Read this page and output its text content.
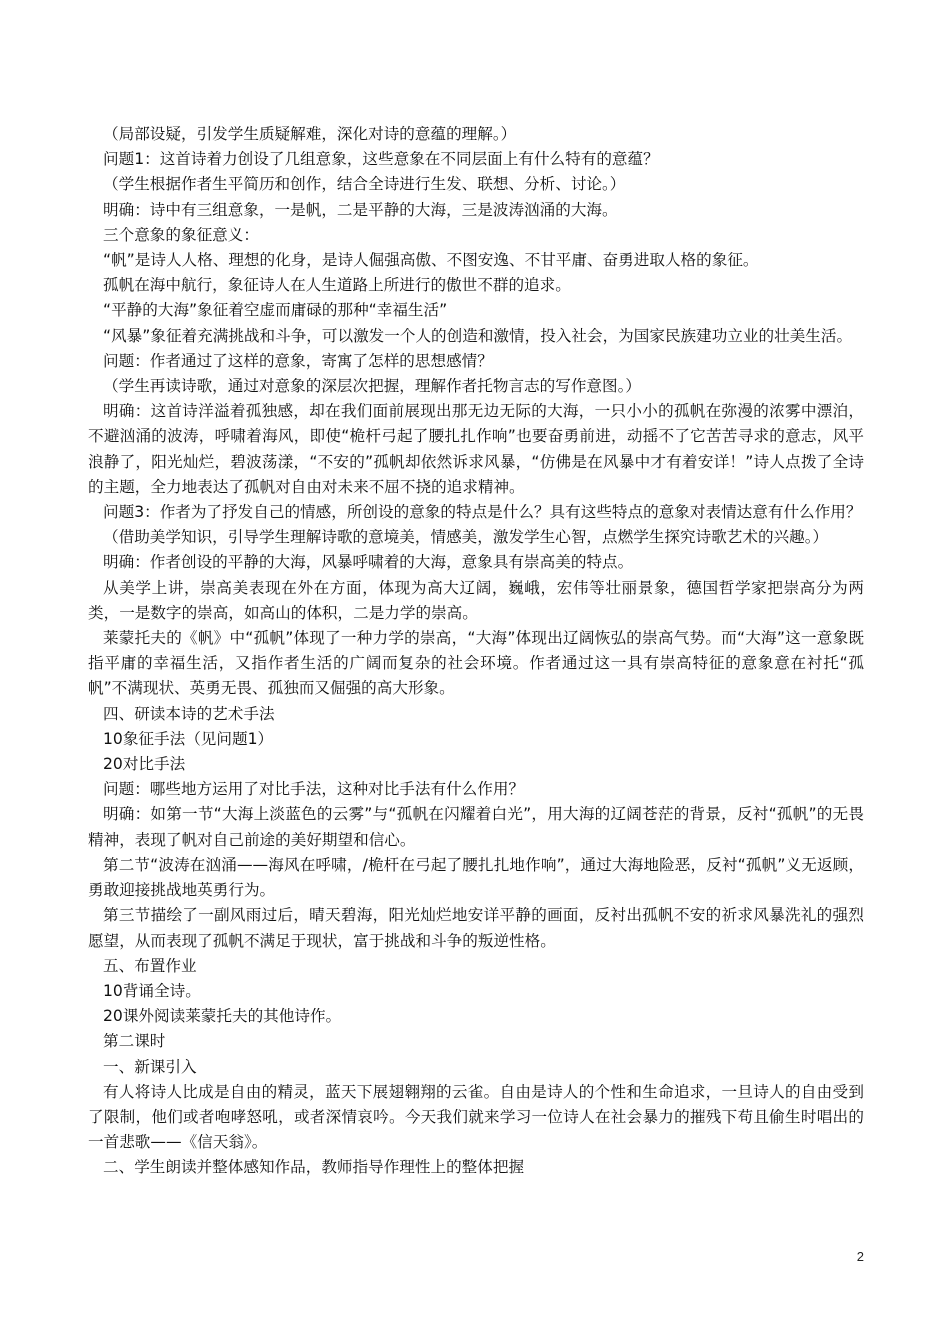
（局部设疑，引发学生质疑解难，深化对诗的意蕴的理解。）

问题1：这首诗着力创设了几组意象，这些意象在不同层面上有什么特有的意蕴？

（学生根据作者生平简历和创作，结合全诗进行生发、联想、分析、讨论。）

明确：诗中有三组意象，一是帆，二是平静的大海，三是波涛汹涌的大海。

三个意象的象征意义：

“帆”是诗人人格、理想的化身，是诗人倔强高傲、不图安逸、不甘平庸、奋勇进取人格的象征。

孤帆在海中航行，象征诗人在人生道路上所进行的傲世不群的追求。

“平静的大海”象征着空虚而庸碌的那种“幸福生活”

“风暴”象征着充满挑战和斗争，可以激发一个人的创造和激情，投入社会，为国家民族建功立业的壮美生活。

问题：作者通过了这样的意象，寄寓了怎样的思想感情？

（学生再读诗歌，通过对意象的深层次把握，理解作者托物言志的写作意图。）

明确：这首诗洋溢着孤独感，却在我们面前展现出那无边无际的大海，一只小小的孤帆在弥漫的浓雾中漂泊，不避汹涌的波涛，呼啸着海风，即使“桅杆弓起了腰扎扎作响”也要奋勇前进，动摇不了它苦苦寻求的意志，风平浪静了，阳光灿烂，碧波荡漾，“不安的”孤帆却依然诉求风暴，“仿佛是在风暴中才有着安详！”诗人点拨了全诗的主题，全力地表达了孤帆对自由对未来不屈不挠的追求精神。

问题3：作者为了抒发自己的情感，所创设的意象的特点是什么？具有这些特点的意象对表情达意有什么作用？

（借助美学知识，引导学生理解诗歌的意境美，情感美，激发学生心智，点燃学生探究诗歌艺术的兴趣。）

明确：作者创设的平静的大海，风暴呼啸着的大海，意象具有崇高美的特点。

从美学上讲，崇高美表现在外在方面，体现为高大辽阔，巍峨，宏伟等壮丽景象，德国哲学家把崇高分为两类，一是数字的崇高，如高山的体积，二是力学的崇高。

莱蒙托夫的《帆》中“孤帆”体现了一种力学的崇高，“大海”体现出辽阔恢弘的崇高气势。而“大海”这一意象既指平庸的幸福生活，又指作者生活的广阔而复杂的社会环境。作者通过这一具有崇高特征的意象意在衬托“孤帆”不满现状、英勇无畏、孤独而又倔强的高大形象。

四、研读本诗的艺术手法

10象征手法（见问题1）

20对比手法

问题：哪些地方运用了对比手法，这种对比手法有什么作用？

明确：如第一节“大海上淡蓝色的云雾”与“孤帆在闪耀着白光”，用大海的辽阔苍茫的背景，反衬“孤帆”的无畏精神，表现了帆对自己前途的美好期望和信心。

第二节“波涛在汹涌——海风在呼啸，/桅杆在弓起了腰扎扎地作响”，通过大海地险恶，反衬“孤帆”义无返顾，勇敢迎接挑战地英勇行为。

第三节描绘了一副风雨过后，晴天碧海，阳光灿烂地安详平静的画面，反衬出孤帆不安的祈求风暴洗礼的强烈愿望，从而表现了孤帆不满足于现状，富于挑战和斗争的叛逆性格。

五、布置作业

10背诵全诗。

20课外阅读莱蒙托夫的其他诗作。

第二课时

一、新课引入

有人将诗人比成是自由的精灵，蓝天下展翅翱翔的云雀。自由是诗人的个性和生命追求，一旦诗人的自由受到了限制，他们或者咆哮怒吼，或者深情哀吟。今天我们就来学习一位诗人在社会暴力的摧残下苟且偷生时唱出的一首悲歌——《信天翁》。

二、学生朗读并整体感知作品，教师指导作理性上的整体把握

2
